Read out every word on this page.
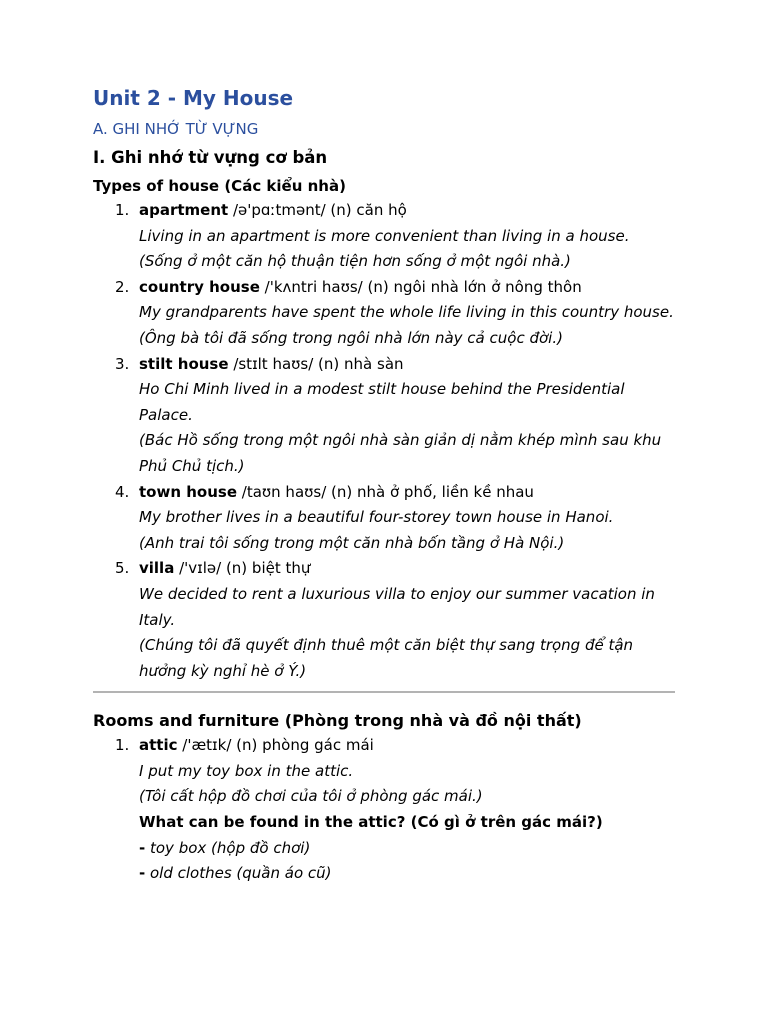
Unit 2 - My House
A. GHI NHỚ TỪ VỰNG
I. Ghi nhớ từ vựng cơ bản
Types of house (Các kiểu nhà)
1. apartment /ə'pɑːtmənt/ (n) căn hộ
Living in an apartment is more convenient than living in a house.
(Sống ở một căn hộ thuận tiện hơn sống ở một ngôi nhà.)
2. country house /'kʌntri haʊs/ (n) ngôi nhà lớn ở nông thôn
My grandparents have spent the whole life living in this country house.
(Ông bà tôi đã sống trong ngôi nhà lớn này cả cuộc đời.)
3. stilt house /stɪlt haʊs/ (n) nhà sàn
Ho Chi Minh lived in a modest stilt house behind the Presidential Palace.
(Bác Hồ sống trong một ngôi nhà sàn giản dị nằm khép mình sau khu Phủ Chủ tịch.)
4. town house /taʊn haʊs/ (n) nhà ở phố, liền kề nhau
My brother lives in a beautiful four-storey town house in Hanoi.
(Anh trai tôi sống trong một căn nhà bốn tầng ở Hà Nội.)
5. villa /'vɪlə/ (n) biệt thự
We decided to rent a luxurious villa to enjoy our summer vacation in Italy.
(Chúng tôi đã quyết định thuê một căn biệt thự sang trọng để tận hưởng kỳ nghỉ hè ở Ý.)
Rooms and furniture (Phòng trong nhà và đồ nội thất)
1. attic /'ætɪk/ (n) phòng gác mái
I put my toy box in the attic.
(Tôi cất hộp đồ chơi của tôi ở phòng gác mái.)
What can be found in the attic? (Có gì ở trên gác mái?)
- toy box (hộp đồ chơi)
- old clothes (quần áo cũ)
